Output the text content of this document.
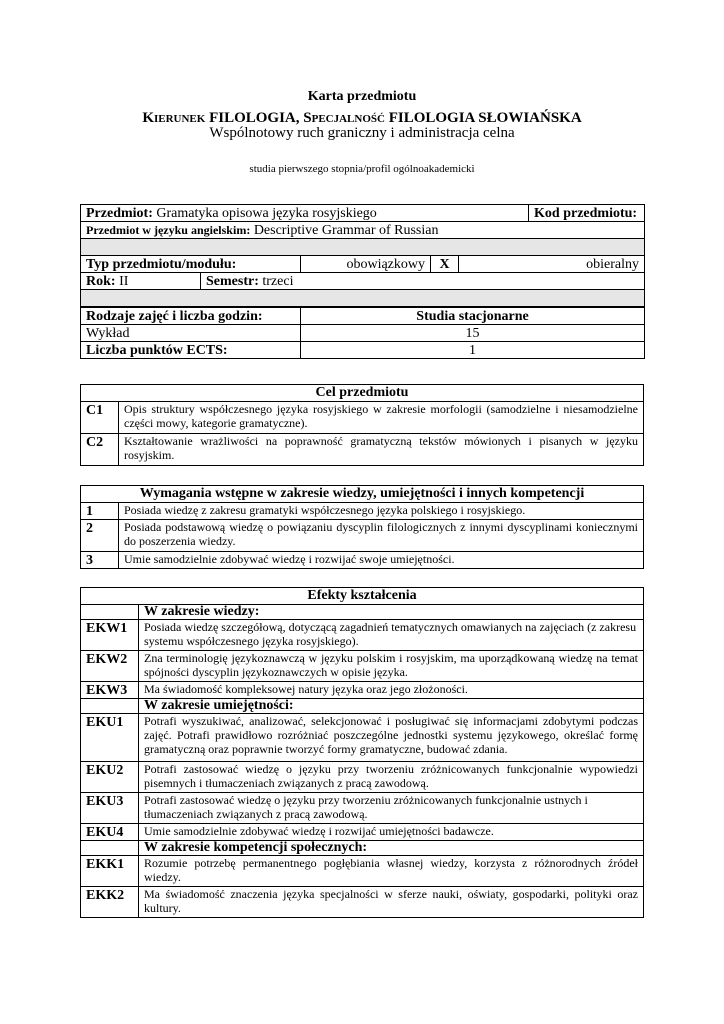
Karta przedmiotu
KIERUNEK FILOLOGIA, SPECJALNOŚĆ FILOLOGIA SŁOWIAŃSKA
Wspólnotowy ruch graniczny i administracja celna
studia pierwszego stopnia/profil ogólnoakademicki
Przedmiot: Gramatyka opisowa języka rosyjskiego					Kod przedmiotu:
Przedmiot w języku angielskim: Descriptive Grammar of Russian					

Typ przedmiotu/modułu:		obowiązkowy	X	obieralny	
Rok: II	Semestr: trzeci				

Rodzaje zajęć i liczba godzin:		Studia stacjonarne			
Wykład		15			
Liczba punktów ECTS:		1			
Cel przedmiotu	
C1	Opis struktury współczesnego języka rosyjskiego w zakresie morfologii (samodzielne i niesamodzielne części mowy, kategorie gramatyczne).
C2	Kształtowanie wrażliwości na poprawność gramatyczną tekstów mówionych i pisanych w języku rosyjskim.
Wymagania wstępne w zakresie wiedzy, umiejętności i innych kompetencji	
1	Posiada wiedzę z zakresu gramatyki współczesnego języka polskiego i rosyjskiego.
2	Posiada podstawową wiedzę o powiązaniu dyscyplin filologicznych z innymi dyscyplinami koniecznymi do poszerzenia wiedzy.
3	Umie samodzielnie zdobywać wiedzę i rozwijać swoje umiejętności.
Efekty kształcenia	
	W zakresie wiedzy:
EKW1	Posiada wiedzę szczegółową, dotyczącą zagadnień tematycznych omawianych na zajęciach (z zakresu systemu współczesnego języka rosyjskiego).
EKW2	Zna terminologię językoznawczą w języku polskim i rosyjskim, ma uporządkowaną wiedzę na temat spójności dyscyplin językoznawczych w opisie języka.
EKW3	Ma świadomość kompleksowej natury języka oraz jego złożoności.
	W zakresie umiejętności:
EKU1	Potrafi wyszukiwać, analizować, selekcjonować i posługiwać się informacjami zdobytymi podczas zajęć. Potrafi prawidłowo rozróżniać poszczególne jednostki systemu językowego, określać formę gramatyczną oraz poprawnie tworzyć formy gramatyczne, budować zdania.
EKU2	Potrafi zastosować wiedzę o języku przy tworzeniu zróżnicowanych funkcjonalnie wypowiedzi pisemnych i tłumaczeniach związanych z pracą zawodową.
EKU3	Potrafi zastosować wiedzę o języku przy tworzeniu zróżnicowanych funkcjonalnie ustnych i tłumaczeniach związanych z pracą zawodową.
EKU4	Umie samodzielnie zdobywać wiedzę i rozwijać umiejętności badawcze.
	W zakresie kompetencji społecznych:
EKK1	Rozumie potrzebę permanentnego pogłębiania własnej wiedzy, korzysta z różnorodnych źródeł wiedzy.
EKK2	Ma świadomość znaczenia języka specjalności w sferze nauki, oświaty, gospodarki, polityki oraz kultury.
